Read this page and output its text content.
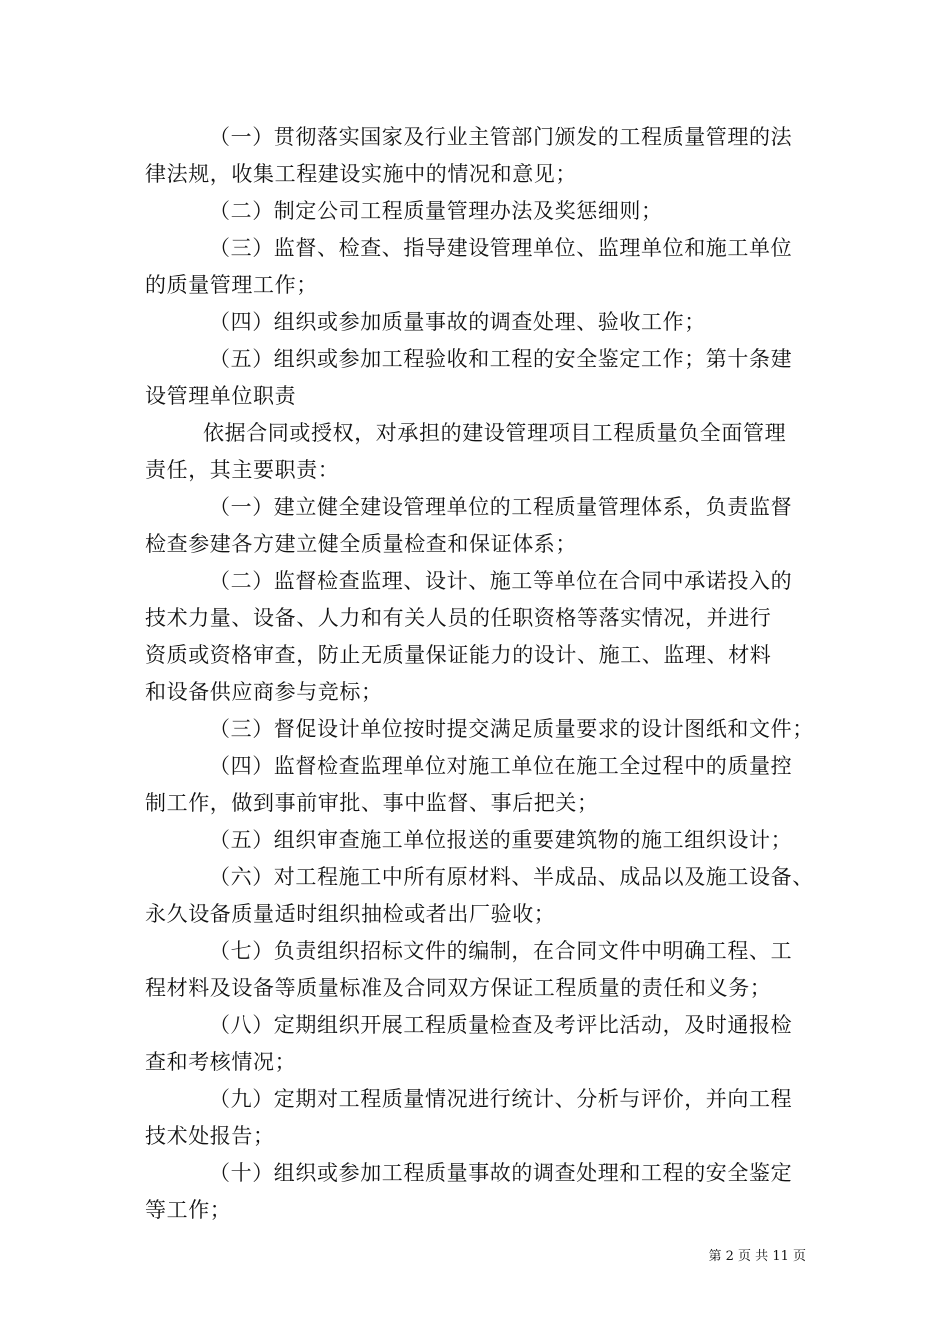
（一）贯彻落实国家及行业主管部门颁发的工程质量管理的法
律法规，收集工程建设实施中的情况和意见；
（二）制定公司工程质量管理办法及奖惩细则；
（三）监督、检查、指导建设管理单位、监理单位和施工单位
的质量管理工作；
（四）组织或参加质量事故的调查处理、验收工作；
（五）组织或参加工程验收和工程的安全鉴定工作；第十条建
设管理单位职责
依据合同或授权，对承担的建设管理项目工程质量负全面管理
责任，其主要职责：
（一）建立健全建设管理单位的工程质量管理体系，负责监督
检查参建各方建立健全质量检查和保证体系；
（二）监督检查监理、设计、施工等单位在合同中承诺投入的
技术力量、设备、人力和有关人员的任职资格等落实情况，并进行
资质或资格审查，防止无质量保证能力的设计、施工、监理、材料
和设备供应商参与竞标；
（三）督促设计单位按时提交满足质量要求的设计图纸和文件；
（四）监督检查监理单位对施工单位在施工全过程中的质量控
制工作，做到事前审批、事中监督、事后把关；
（五）组织审查施工单位报送的重要建筑物的施工组织设计；
（六）对工程施工中所有原材料、半成品、成品以及施工设备、
永久设备质量适时组织抽检或者出厂验收；
（七）负责组织招标文件的编制，在合同文件中明确工程、工
程材料及设备等质量标准及合同双方保证工程质量的责任和义务；
（八）定期组织开展工程质量检查及考评比活动，及时通报检
查和考核情况；
（九）定期对工程质量情况进行统计、分析与评价，并向工程
技术处报告；
（十）组织或参加工程质量事故的调查处理和工程的安全鉴定
等工作；
第 2 页 共 11 页
